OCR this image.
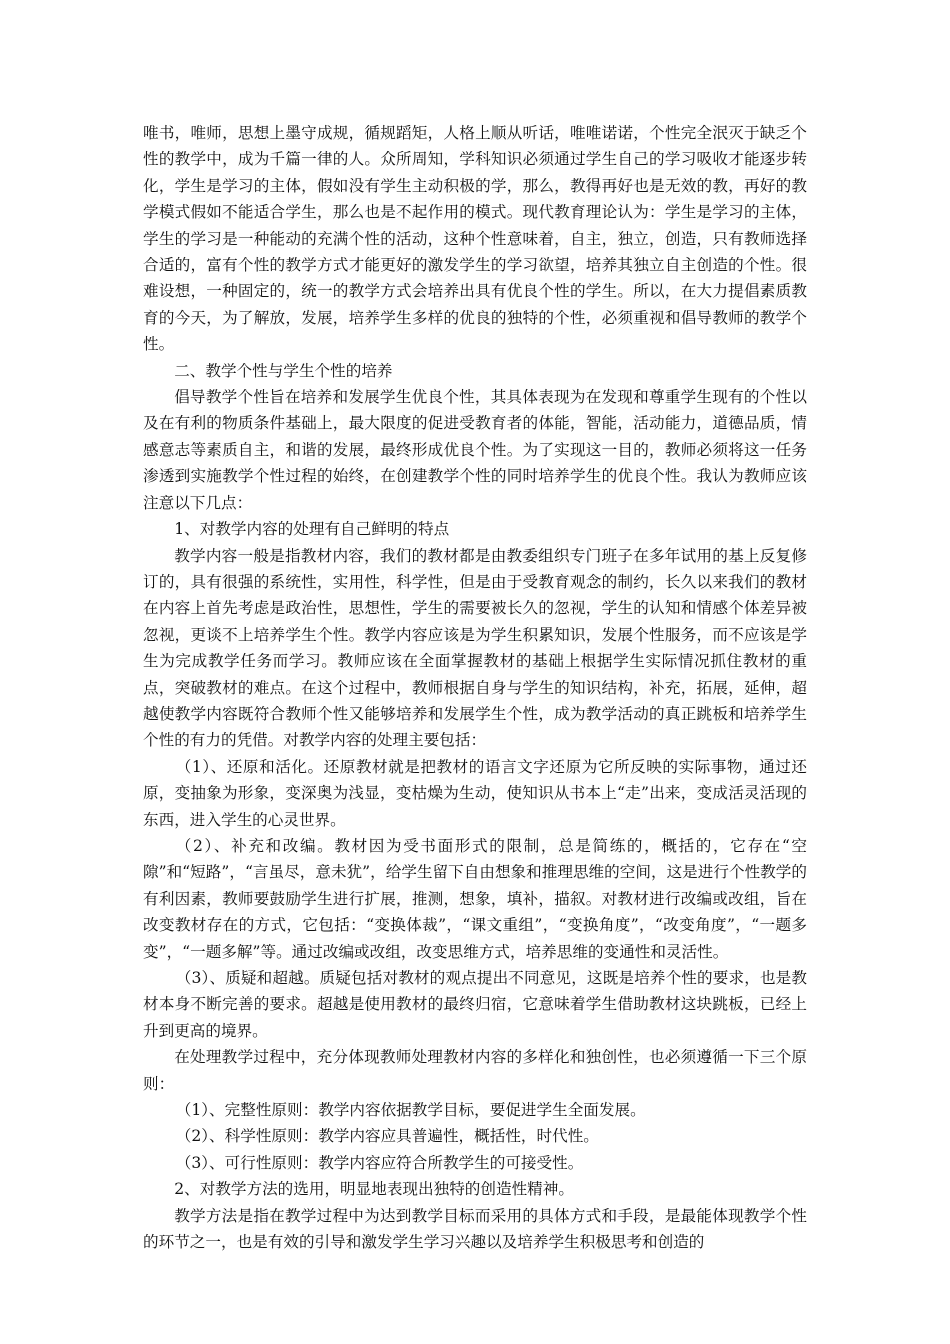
唯书，唯师，思想上墨守成规，循规蹈矩，人格上顺从听话，唯唯诺诺，个性完全泯灭于缺乏个性的教学中，成为千篇一律的人。众所周知，学科知识必须通过学生自己的学习吸收才能逐步转化，学生是学习的主体，假如没有学生主动积极的学，那么，教得再好也是无效的教，再好的教学模式假如不能适合学生，那么也是不起作用的模式。现代教育理论认为：学生是学习的主体，学生的学习是一种能动的充满个性的活动，这种个性意味着，自主，独立，创造，只有教师选择合适的，富有个性的教学方式才能更好的激发学生的学习欲望，培养其独立自主创造的个性。很难设想，一种固定的，统一的教学方式会培养出具有优良个性的学生。所以，在大力提倡素质教育的今天，为了解放，发展，培养学生多样的优良的独特的个性，必须重视和倡导教师的教学个性。

二、教学个性与学生个性的培养

倡导教学个性旨在培养和发展学生优良个性，其具体表现为在发现和尊重学生现有的个性以及在有利的物质条件基础上，最大限度的促进受教育者的体能，智能，活动能力，道德品质，情感意志等素质自主，和谐的发展，最终形成优良个性。为了实现这一目的，教师必须将这一任务渗透到实施教学个性过程的始终，在创建教学个性的同时培养学生的优良个性。我认为教师应该注意以下几点：

1、对教学内容的处理有自己鲜明的特点

教学内容一般是指教材内容，我们的教材都是由教委组织专门班子在多年试用的基上反复修订的，具有很强的系统性，实用性，科学性，但是由于受教育观念的制约，长久以来我们的教材在内容上首先考虑是政治性，思想性，学生的需要被长久的忽视，学生的认知和情感个体差异被忽视，更谈不上培养学生个性。教学内容应该是为学生积累知识，发展个性服务，而不应该是学生为完成教学任务而学习。教师应该在全面掌握教材的基础上根据学生实际情况抓住教材的重点，突破教材的难点。在这个过程中，教师根据自身与学生的知识结构，补充，拓展，延伸，超越使教学内容既符合教师个性又能够培养和发展学生个性，成为教学活动的真正跳板和培养学生个性的有力的凭借。对教学内容的处理主要包括：

（1）、还原和活化。还原教材就是把教材的语言文字还原为它所反映的实际事物，通过还原，变抽象为形象，变深奥为浅显，变枯燥为生动，使知识从书本上“走”出来，变成活灵活现的东西，进入学生的心灵世界。

（2）、补充和改编。教材因为受书面形式的限制，总是简练的，概括的，它存在“空隙”和“短路”，“言虽尽，意未犹”，给学生留下自由想象和推理思维的空间，这是进行个性教学的有利因素，教师要鼓励学生进行扩展，推测，想象，填补，描叙。对教材进行改编或改组，旨在改变教材存在的方式，它包括：“变换体裁”，“课文重组”，“变换角度”，“改变角度”，“一题多变”，“一题多解”等。通过改编或改组，改变思维方式，培养思维的变通性和灵活性。

（3）、质疑和超越。质疑包括对教材的观点提出不同意见，这既是培养个性的要求，也是教材本身不断完善的要求。超越是使用教材的最终归宿，它意味着学生借助教材这块跳板，已经上升到更高的境界。

在处理教学过程中，充分体现教师处理教材内容的多样化和独创性，也必须遵循一下三个原则：

（1）、完整性原则：教学内容依据教学目标，要促进学生全面发展。

（2）、科学性原则：教学内容应具普遍性，概括性，时代性。

（3）、可行性原则：教学内容应符合所教学生的可接受性。

2、对教学方法的选用，明显地表现出独特的创造性精神。

教学方法是指在教学过程中为达到教学目标而采用的具体方式和手段，是最能体现教学个性的环节之一，也是有效的引导和激发学生学习兴趣以及培养学生积极思考和创造的
